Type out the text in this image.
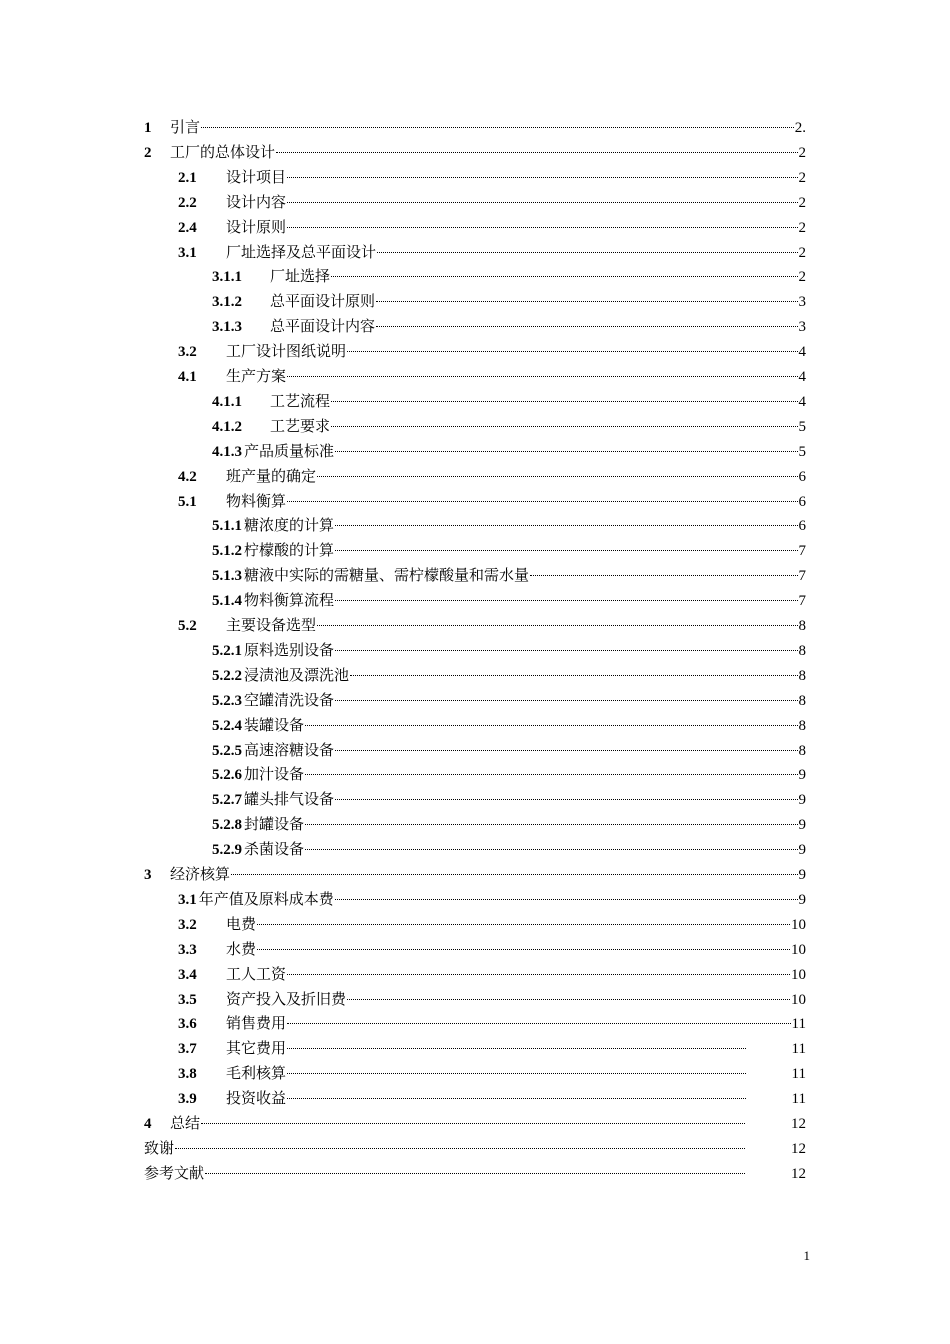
1	引言	2.
2	工厂的总体设计	2
2.1	设计项目	2
2.2	设计内容	2
2.4	设计原则	2
3.1	厂址选择及总平面设计	2
3.1.1	厂址选择	2
3.1.2	总平面设计原则	3
3.1.3	总平面设计内容	3
3.2	工厂设计图纸说明	4
4.1	生产方案	4
4.1.1	工艺流程	4
4.1.2	工艺要求	5
4.1.3 产品质量标准	5
4.2	班产量的确定	6
5.1	物料衡算	6
5.1.1 糖浓度的计算	6
5.1.2 柠檬酸的计算	7
5.1.3 糖液中实际的需糖量、需柠檬酸量和需水量	7
5.1.4 物料衡算流程	7
5.2	主要设备选型	8
5.2.1 原料选别设备	8
5.2.2 浸渍池及漂洗池	8
5.2.3 空罐清洗设备	8
5.2.4 装罐设备	8
5.2.5 高速溶糖设备	8
5.2.6 加汁设备	9
5.2.7 罐头排气设备	9
5.2.8 封罐设备	9
5.2.9 杀菌设备	9
3	经济核算	9
3.1 年产值及原料成本费	9
3.2	电费	10
3.3	水费	10
3.4	工人工资	10
3.5	资产投入及折旧费	10
3.6	销售费用	11
3.7	其它费用	11
3.8	毛利核算	11
3.9	投资收益	11
4	总结	12
致谢	12
参考文献	12
1
